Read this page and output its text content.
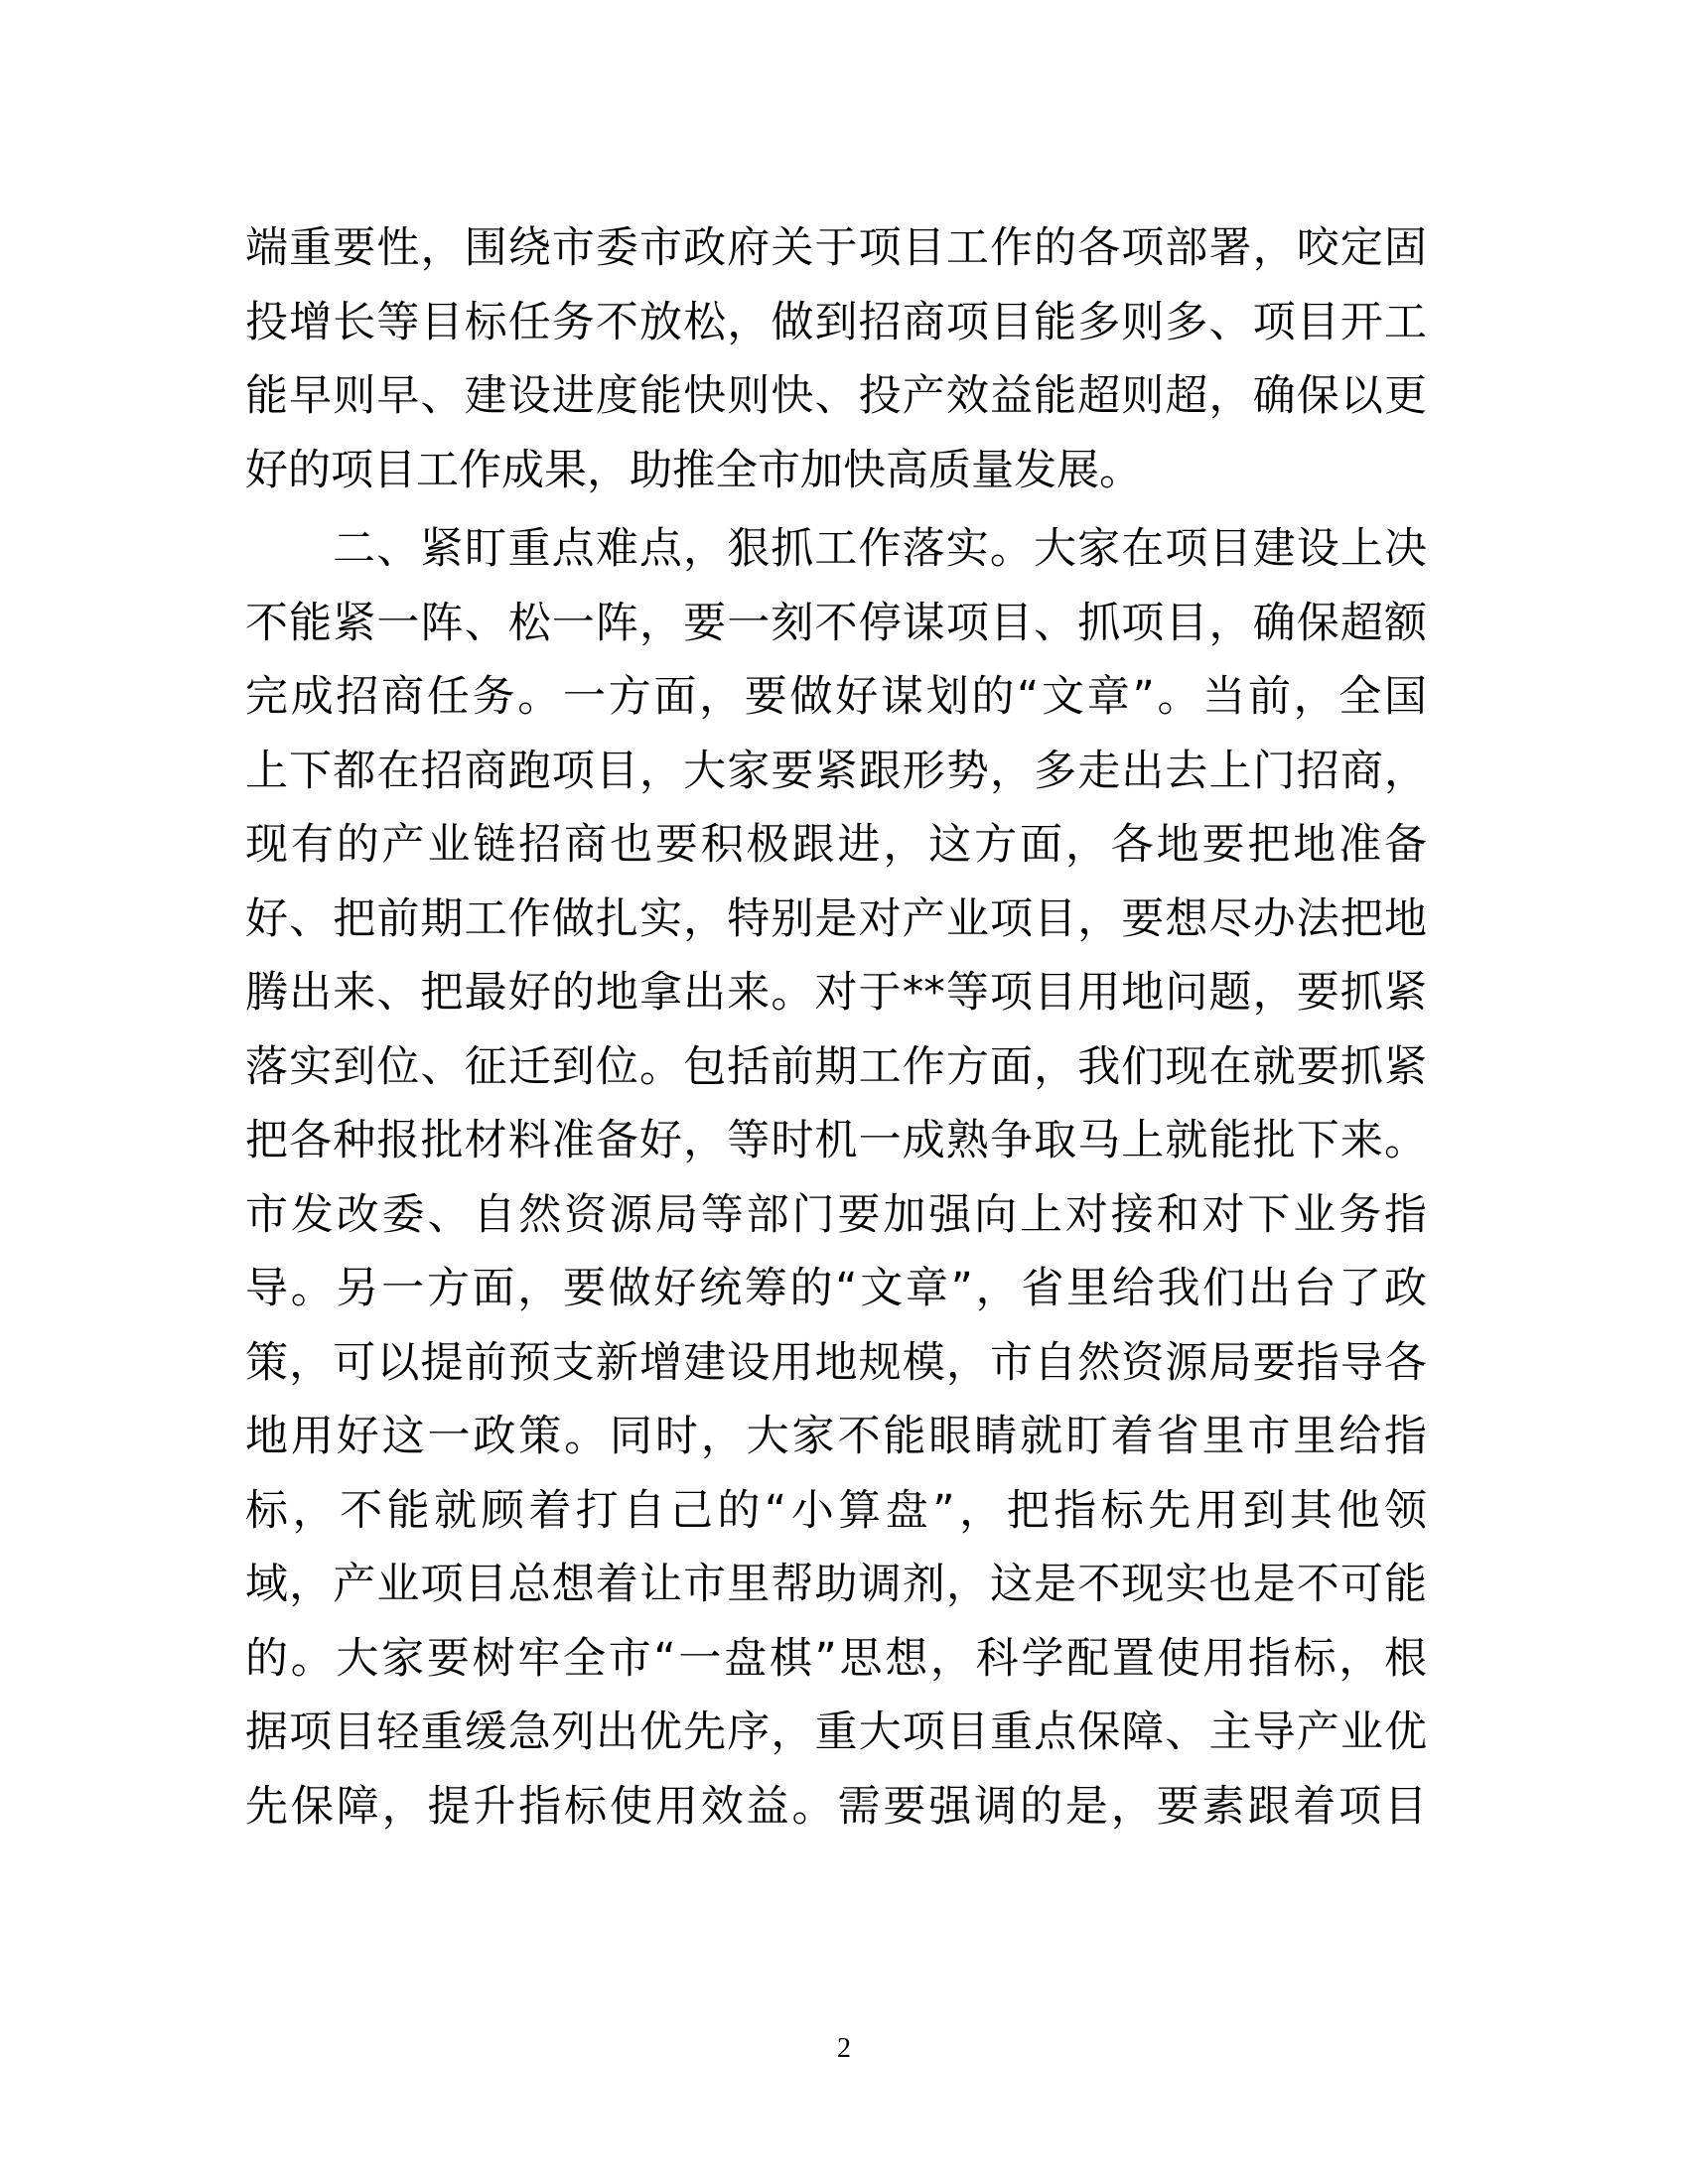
端重要性，围绕市委市政府关于项目工作的各项部署，咬定固
投增长等目标任务不放松，做到招商项目能多则多、项目开工
能早则早、建设进度能快则快、投产效益能超则超，确保以更
好的项目工作成果，助推全市加快高质量发展。
二、紧盯重点难点，狠抓工作落实。大家在项目建设上决
不能紧一阵、松一阵，要一刻不停谋项目、抓项目，确保超额
完成招商任务。一方面，要做好谋划的“文章”。当前，全国
上下都在招商跑项目，大家要紧跟形势，多走出去上门招商，
现有的产业链招商也要积极跟进，这方面，各地要把地准备
好、把前期工作做扎实，特别是对产业项目，要想尽办法把地
腾出来、把最好的地拿出来。对于**等项目用地问题，要抓紧
落实到位、征迁到位。包括前期工作方面，我们现在就要抓紧
把各种报批材料准备好，等时机一成熟争取马上就能批下来。
市发改委、自然资源局等部门要加强向上对接和对下业务指
导。另一方面，要做好统筹的“文章”，省里给我们出台了政
策，可以提前预支新增建设用地规模，市自然资源局要指导各
地用好这一政策。同时，大家不能眼睛就盯着省里市里给指
标，不能就顾着打自己的“小算盘”，把指标先用到其他领
域，产业项目总想着让市里帮助调剂，这是不现实也是不可能
的。大家要树牢全市“一盘棋”思想，科学配置使用指标，根
据项目轻重缓急列出优先序，重大项目重点保障、主导产业优
先保障，提升指标使用效益。需要强调的是，要素跟着项目
2
